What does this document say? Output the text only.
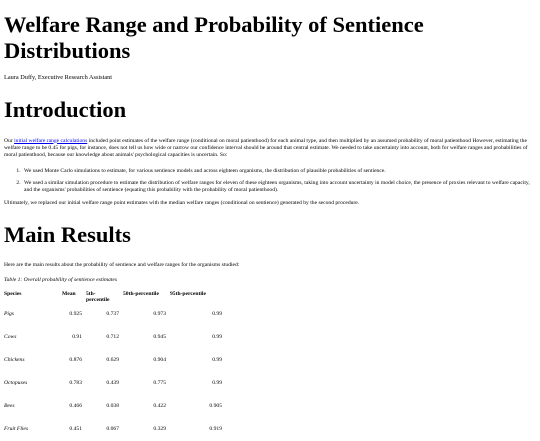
Welfare Range and Probability of Sentience Distributions
Laura Duffy, Executive Research Assistant
Introduction

Our initial welfare range calculations included point estimates of the welfare range (conditional on moral patienthood) for each animal type, and then multiplied by an assumed probability of moral patienthood However, estimating the welfare range to be 0.45 for pigs, for instance, does not tell us how wide or narrow our confidence interval should be around that central estimate. We needed to take uncertainty into account, both for welfare ranges and probabilities of moral patienthood, because our knowledge about animals' psychological capacities is uncertain. So:

1. We used Monte Carlo simulations to estimate, for various sentience models and across eighteen organisms, the distribution of plausible probabilities of sentience.
2. We used a similar simulation procedure to estimate the distribution of welfare ranges for eleven of these eighteen organisms, taking into account uncertainty in model choice, the presence of proxies relevant to welfare capacity, and the organisms' probabilities of sentience (equating this probability with the probability of moral patienthood).

Ultimately, we replaced our initial welfare range point estimates with the median welfare ranges (conditional on sentience) generated by the second procedure.

Main Results

Here are the main results about the probability of sentience and welfare ranges for the organisms studied:

Table 1: Overall probability of sentience estimates
Species	Mean	5th-percentile	50th-percentile	95th-percentile
Pigs	0.925	0.737	0.973	0.99
Cows	0.91	0.712	0.945	0.99
Chickens	0.876	0.629	0.904	0.99
Octopuses	0.783	0.439	0.775	0.99
Bees	0.466	0.038	0.422	0.905
Fruit Flies	0.451	0.067	0.329	0.919
